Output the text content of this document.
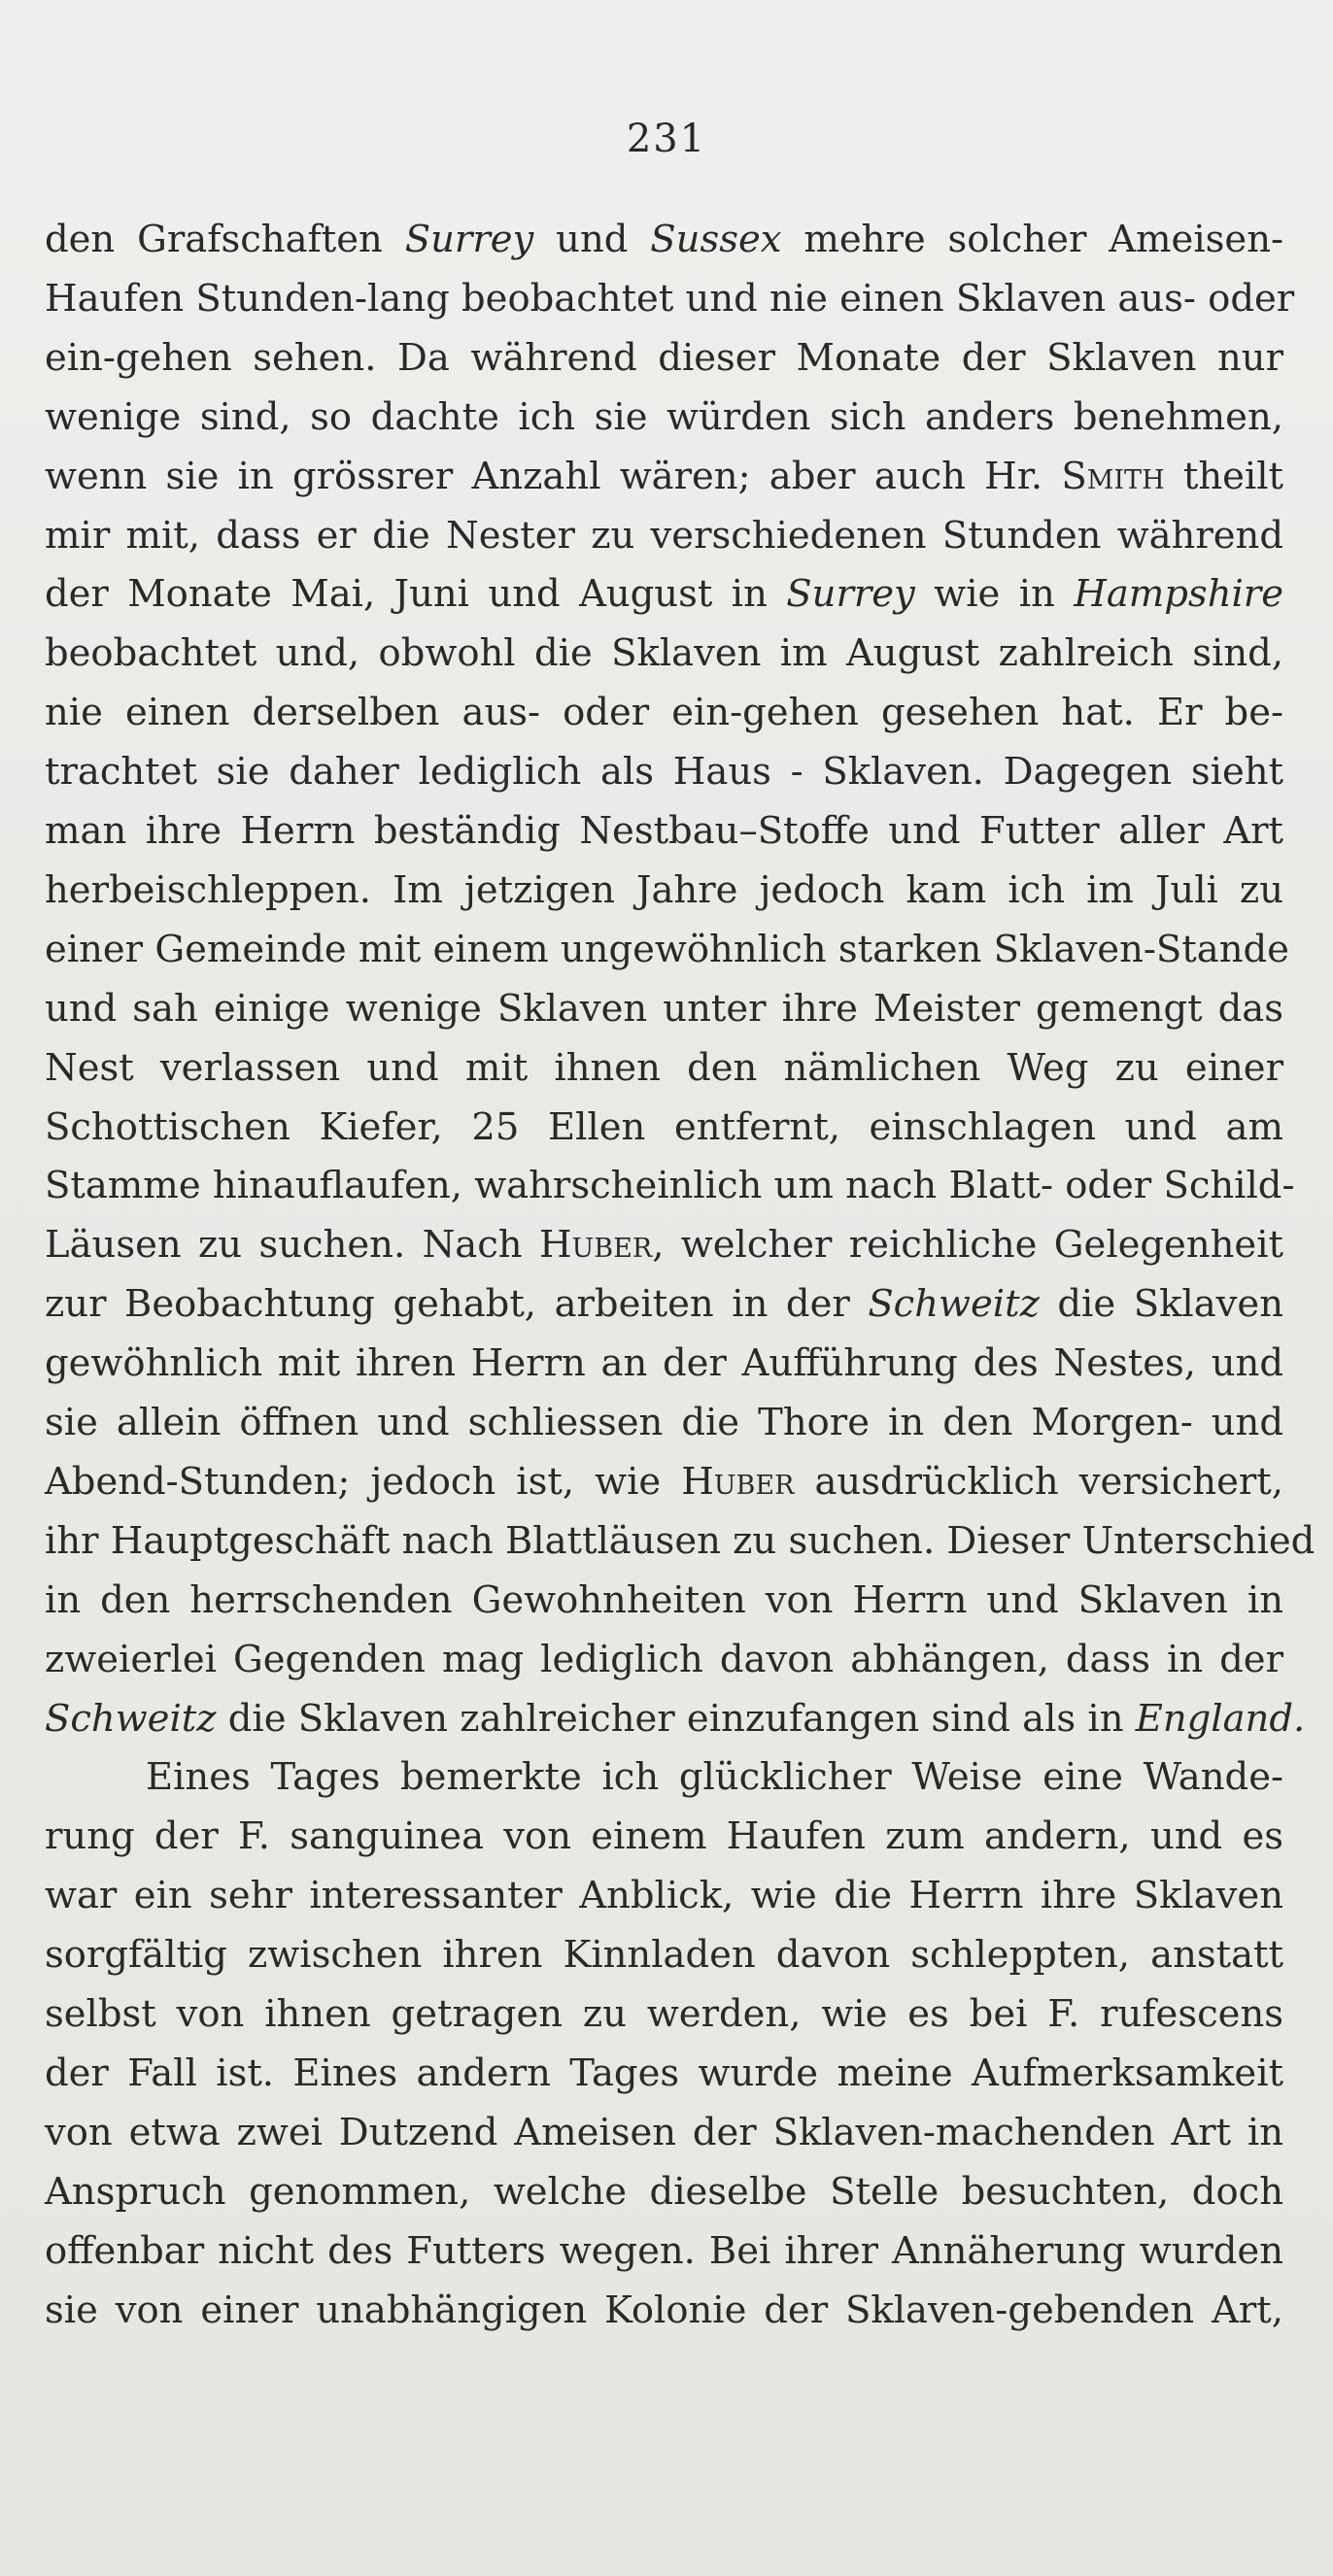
231
den Grafschaften Surrey und Sussex mehre solcher Ameisen-
Haufen Stunden-lang beobachtet und nie einen Sklaven aus- oder
ein-gehen sehen. Da während dieser Monate der Sklaven nur
wenige sind, so dachte ich sie würden sich anders benehmen,
wenn sie in grössrer Anzahl wären; aber auch Hr. Smith theilt
mir mit, dass er die Nester zu verschiedenen Stunden während
der Monate Mai, Juni und August in Surrey wie in Hampshire
beobachtet und, obwohl die Sklaven im August zahlreich sind,
nie einen derselben aus- oder ein-gehen gesehen hat. Er be-
trachtet sie daher lediglich als Haus - Sklaven. Dagegen sieht
man ihre Herrn beständig Nestbau–Stoffe und Futter aller Art
herbeischleppen. Im jetzigen Jahre jedoch kam ich im Juli zu
einer Gemeinde mit einem ungewöhnlich starken Sklaven-Stande
und sah einige wenige Sklaven unter ihre Meister gemengt das
Nest verlassen und mit ihnen den nämlichen Weg zu einer
Schottischen Kiefer, 25 Ellen entfernt, einschlagen und am
Stamme hinauflaufen, wahrscheinlich um nach Blatt- oder Schild-
Läusen zu suchen. Nach Huber, welcher reichliche Gelegenheit
zur Beobachtung gehabt, arbeiten in der Schweitz die Sklaven
gewöhnlich mit ihren Herrn an der Aufführung des Nestes, und
sie allein öffnen und schliessen die Thore in den Morgen- und
Abend-Stunden; jedoch ist, wie Huber ausdrücklich versichert,
ihr Hauptgeschäft nach Blattläusen zu suchen. Dieser Unterschied
in den herrschenden Gewohnheiten von Herrn und Sklaven in
zweierlei Gegenden mag lediglich davon abhängen, dass in der
Schweitz die Sklaven zahlreicher einzufangen sind als in England.
Eines Tages bemerkte ich glücklicher Weise eine Wande-
rung der F. sanguinea von einem Haufen zum andern, und es
war ein sehr interessanter Anblick, wie die Herrn ihre Sklaven
sorgfältig zwischen ihren Kinnladen davon schleppten, anstatt
selbst von ihnen getragen zu werden, wie es bei F. rufescens
der Fall ist. Eines andern Tages wurde meine Aufmerksamkeit
von etwa zwei Dutzend Ameisen der Sklaven-machenden Art in
Anspruch genommen, welche dieselbe Stelle besuchten, doch
offenbar nicht des Futters wegen. Bei ihrer Annäherung wurden
sie von einer unabhängigen Kolonie der Sklaven-gebenden Art,
